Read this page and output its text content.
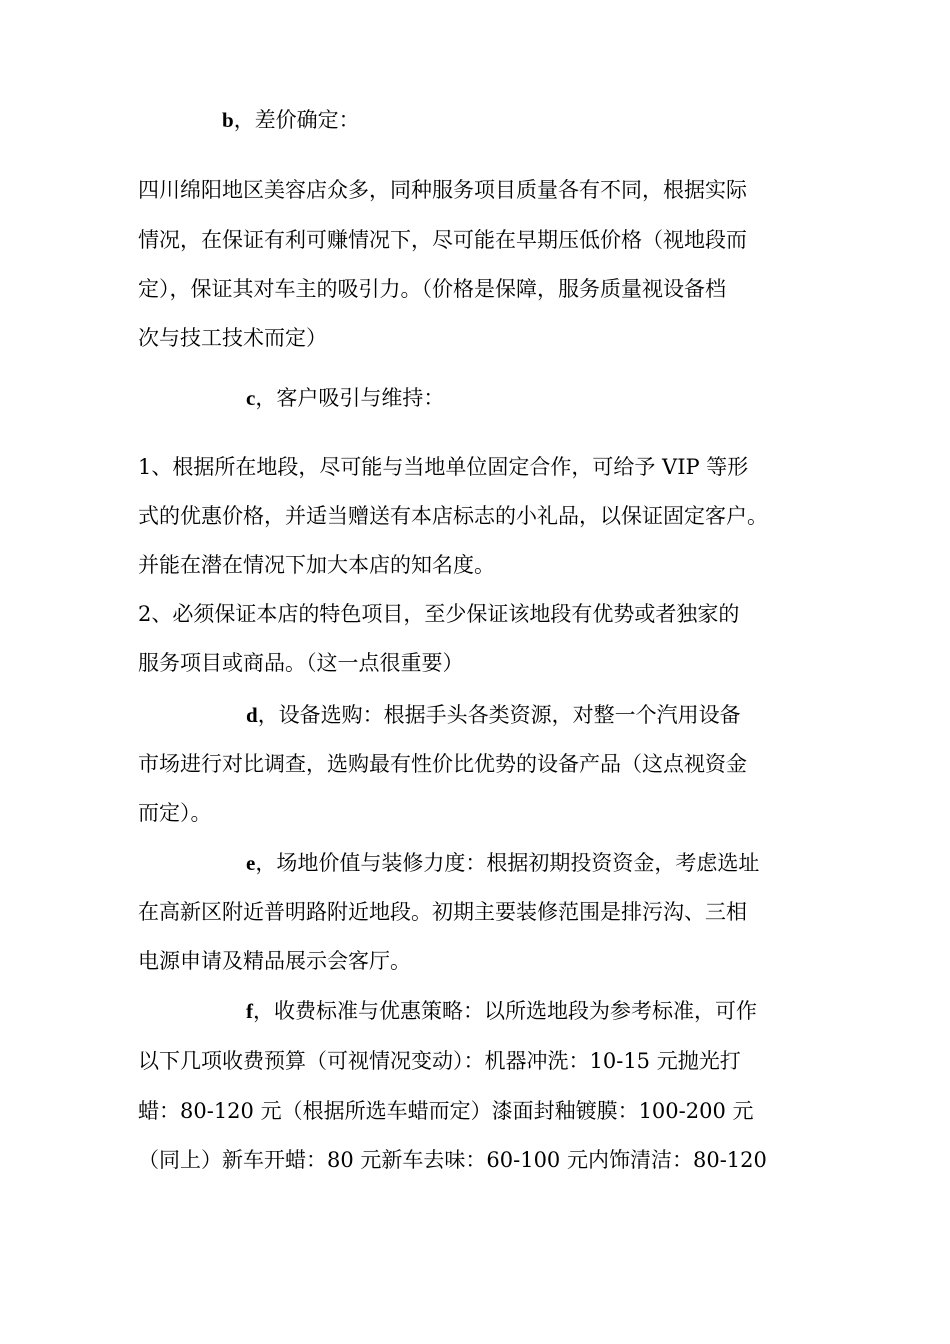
b，差价确定：
四川绵阳地区美容店众多，同种服务项目质量各有不同，根据实际
情况，在保证有利可赚情况下，尽可能在早期压低价格（视地段而
定），保证其对车主的吸引力。（价格是保障，服务质量视设备档
次与技工技术而定）
c，客户吸引与维持：
1、根据所在地段，尽可能与当地单位固定合作，可给予 VIP 等形
式的优惠价格，并适当赠送有本店标志的小礼品，以保证固定客户。
并能在潜在情况下加大本店的知名度。
2、必须保证本店的特色项目，至少保证该地段有优势或者独家的
服务项目或商品。（这一点很重要）
d，设备选购：根据手头各类资源，对整一个汽用设备
市场进行对比调查，选购最有性价比优势的设备产品（这点视资金
而定）。
e，场地价值与装修力度：根据初期投资资金，考虑选址
在高新区附近普明路附近地段。初期主要装修范围是排污沟、三相
电源申请及精品展示会客厅。
f，收费标准与优惠策略：以所选地段为参考标准，可作
以下几项收费预算（可视情况变动）：机器冲洗：10-15 元抛光打
蜡：80-120 元（根据所选车蜡而定）漆面封釉镀膜：100-200 元
（同上）新车开蜡：80 元新车去味：60-100 元内饰清洁：80-120
